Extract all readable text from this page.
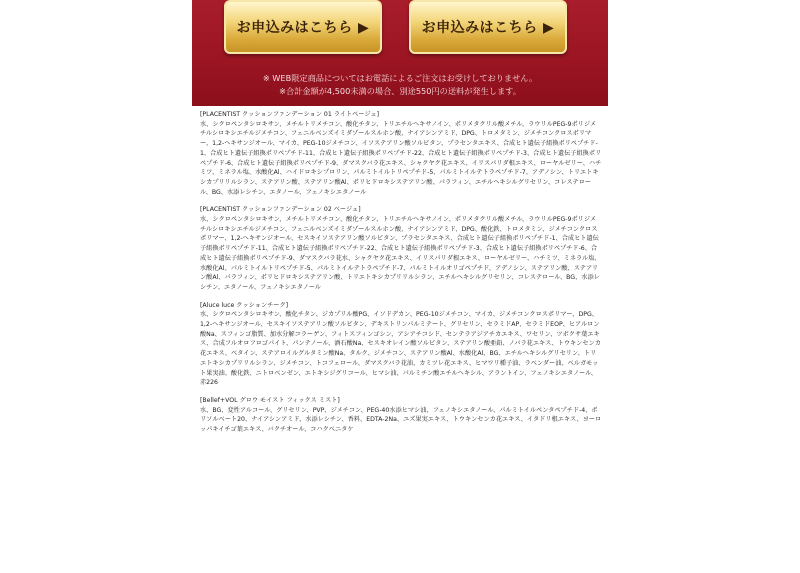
お申込みはこちら ▶	お申込みはこちら ▶
※ WEB限定商品についてはお電話によるご注文はお受けしておりません。
※合計金額が4,500未満の場合、別途550円の送料が発生します。
[PLACENTIST クッションファンデーション 01 ライトベージュ]
水、シクロペンタシロキサン、メチルトリメチコン、酸化チタン、トリエチルヘキサノイン、ポリメタクリル酸メチル、ラウリルPEG-9ポリジメチルシロキシエチルジメチコン、フェニルベンズイミダゾールスルホン酸、ナイアシンアミド、DPG、トロメタミン、ジメチコンクロスポリマー、1,2-ヘキサンジオール、マイカ、PEG-10ジメチコン、イソステアリン酸ソルビタン、プラセンタエキス、合成ヒト遺伝子組換ポリペプチド-1、合成ヒト遺伝子組換ポリペプチド-11、合成ヒト遺伝子組換ポリペプチド-22、合成ヒト遺伝子組換ポリペプチド-3、合成ヒト遺伝子組換ポリペプチド-6、合成ヒト遺伝子組換ポリペプチド-9、ダマスクバラ花エキス、シャクヤク花エキス、イリスパリダ根エキス、ローヤルゼリー、ハチミツ、ミネラル塩、水酸化Al、ハイドロキシプロリン、パルミトイルトリペプチド-5、パルミトイルテトラペプチド-7、アデノシン、トリエトキシカプリリルシラン、ステアリン酸、ステアリン酸Al、ポリヒドロキシステアリン酸、パラフィン、エチルヘキシルグリセリン、コレステロール、BG、水添レシチン、エタノール、フェノキシエタノール
[PLACENTIST クッションファンデーション 02 ベージュ]
水、シクロペンタシロキサン、メチルトリメチコン、酸化チタン、トリエチルヘキサノイン、ポリメタクリル酸メチル、ラウリルPEG-9ポリジメチルシロキシエチルジメチコン、フェニルベンズイミダゾールスルホン酸、ナイアシンアミド、DPG、酸化鉄、トロメタミン、ジメチコンクロスポリマー、1,2-ヘキサンジオール、セスキイソステアリン酸ソルビタン、プラセンタエキス、合成ヒト遺伝子組換ポリペプチド-1、合成ヒト遺伝子組換ポリペプチド-11、合成ヒト遺伝子組換ポリペプチド-22、合成ヒト遺伝子組換ポリペプチド-3、合成ヒト遺伝子組換ポリペプチド-6、合成ヒト遺伝子組換ポリペプチド-9、ダマスクバラ花水、シャクヤク花エキス、イリスパリダ根エキス、ローヤルゼリー、ハチミツ、ミネラル塩、水酸化Al、パルミトイルトリペプチド-5、パルミトイルテトラペプチド-7、パルミトイルオリゴペプチド、アデノシン、ステアリン酸、ステアリン酸Al、パラフィン、ポリヒドロキシステアリン酸、トリエトキシカプリリルシラン、エチルヘキシルグリセリン、コレステロール、BG、水添レシチン、エタノール、フェノキシエタノール
[Aluce luce クッションチーク]
水、シクロペンタシロキサン、酸化チタン、ジカプリル酸PG、イソドデカン、PEG-10ジメチコン、マイカ、ジメチコンクロスポリマー、DPG、1,2-ヘキサンジオール、セスキイソステアリン酸ソルビタン、デキストリンパルミテート、グリセリン、セラミドAP、セラミドEOP、ヒアルロン酸Na、スフィンゴ脂質、加水分解コラーゲン、フィトスフィンゴシン、アシアチコシド、センテラアジアチカエキス、ワセリン、ツボクサ葉エキス、合成フルオロフロゴパイト、パンテノール、酒石酸Na、セスキオレイン酸ソルビタン、ステアリン酸亜鉛、ノバラ花エキス、トウキンセンカ花エキス、ベタイン、ステアロイルグルタミン酸Na、タルク、ジメチコン、ステアリン酸Al、水酸化Al、BG、エチルヘキシルグリセリン、トリエトキシカプリリルシラン、ジメチコン、トコフェロール、ダマスクバラ花油、カミツレ花エキス、ヒマワリ種子油、ラベンダー油、ベルガモット果実油、酸化鉄、ニトロベンゼン、エトキシジグリコール、ヒマシ油、パルミチン酸エチルヘキシル、アラントイン、フェノキシエタノール、赤226
[Bellef+VOL グロウ モイスト フィックス ミスト]
水、BG、変性アルコール、グリセリン、PVP、ジメチコン、PEG-40水添ヒマシ油、フェノキシエタノール、パルミトイルペンタペプチド-4、ポリソルベート20、ナイアシンアミド、水添レシチン、香料、EDTA-2Na、ユズ果実エキス、トウキンセンカ花エキス、イタドリ根エキス、ヨーロッパキイチゴ葉エキス、バクチオール、コハクベニタケ
